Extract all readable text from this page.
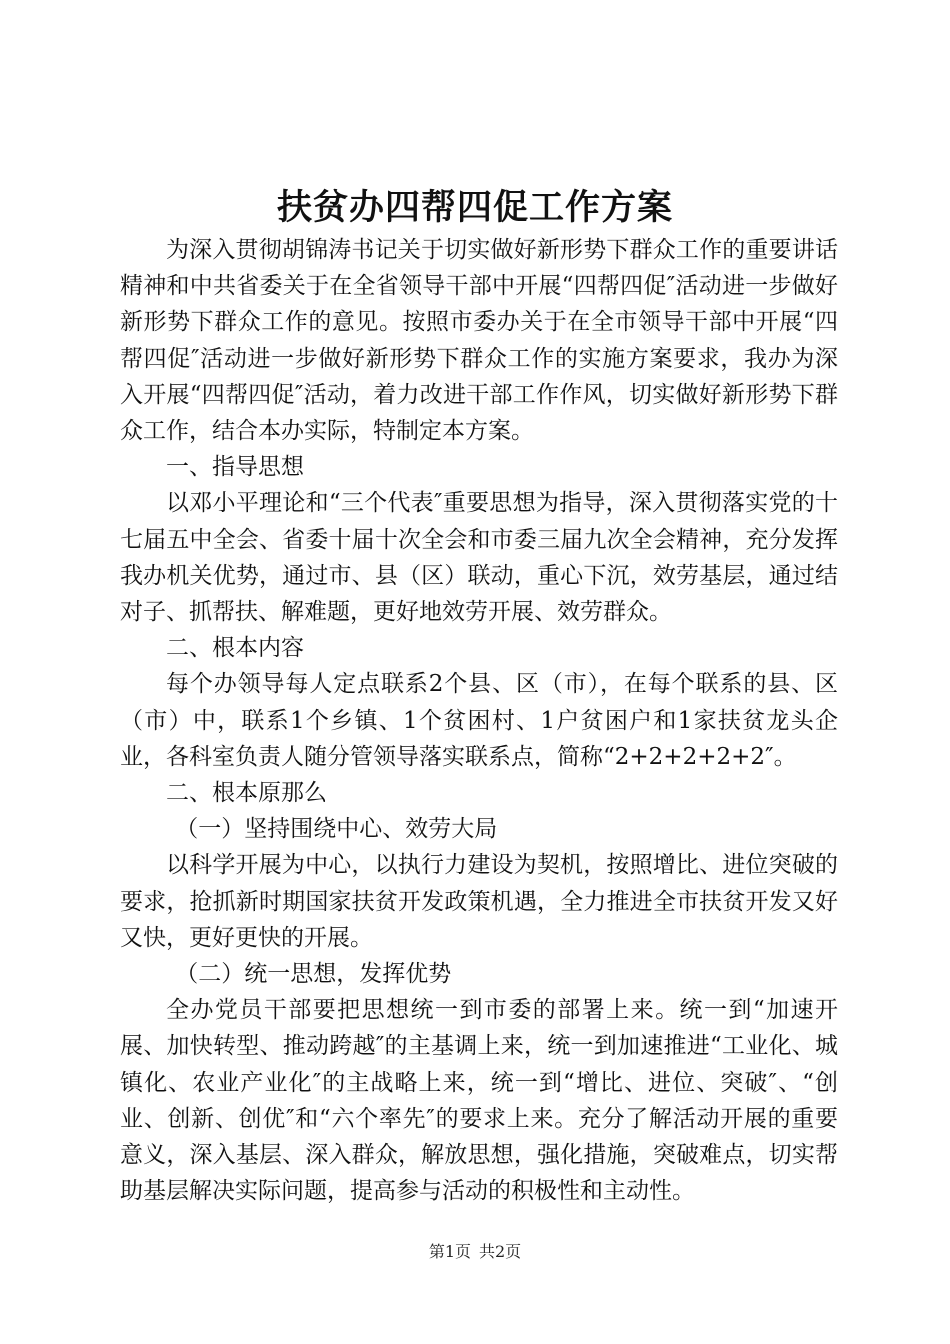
扶贫办四帮四促工作方案

为深入贯彻胡锦涛书记关于切实做好新形势下群众工作的重要讲话精神和中共省委关于在全省领导干部中开展“四帮四促″活动进一步做好新形势下群众工作的意见。按照市委办关于在全市领导干部中开展“四帮四促″活动进一步做好新形势下群众工作的实施方案要求，我办为深入开展“四帮四促″活动，着力改进干部工作作风，切实做好新形势下群众工作，结合本办实际，特制定本方案。

一、指导思想

以邓小平理论和“三个代表″重要思想为指导，深入贯彻落实党的十七届五中全会、省委十届十次全会和市委三届九次全会精神，充分发挥我办机关优势，通过市、县（区）联动，重心下沉，效劳基层，通过结对子、抓帮扶、解难题，更好地效劳开展、效劳群众。

二、根本内容

每个办领导每人定点联系2个县、区（市），在每个联系的县、区（市）中，联系1个乡镇、1个贫困村、1户贫困户和1家扶贫龙头企业，各科室负责人随分管领导落实联系点，简称“2+2+2+2+2″。

二、根本原那么

（一）坚持围绕中心、效劳大局

以科学开展为中心，以执行力建设为契机，按照增比、进位突破的要求，抢抓新时期国家扶贫开发政策机遇，全力推进全市扶贫开发又好又快，更好更快的开展。

（二）统一思想，发挥优势

全办党员干部要把思想统一到市委的部署上来。统一到“加速开展、加快转型、推动跨越″的主基调上来，统一到加速推进“工业化、城镇化、农业产业化″的主战略上来，统一到“增比、进位、突破″、“创业、创新、创优″和“六个率先″的要求上来。充分了解活动开展的重要意义，深入基层、深入群众，解放思想，强化措施，突破难点，切实帮助基层解决实际问题，提高参与活动的积极性和主动性。

第1页 共2页
